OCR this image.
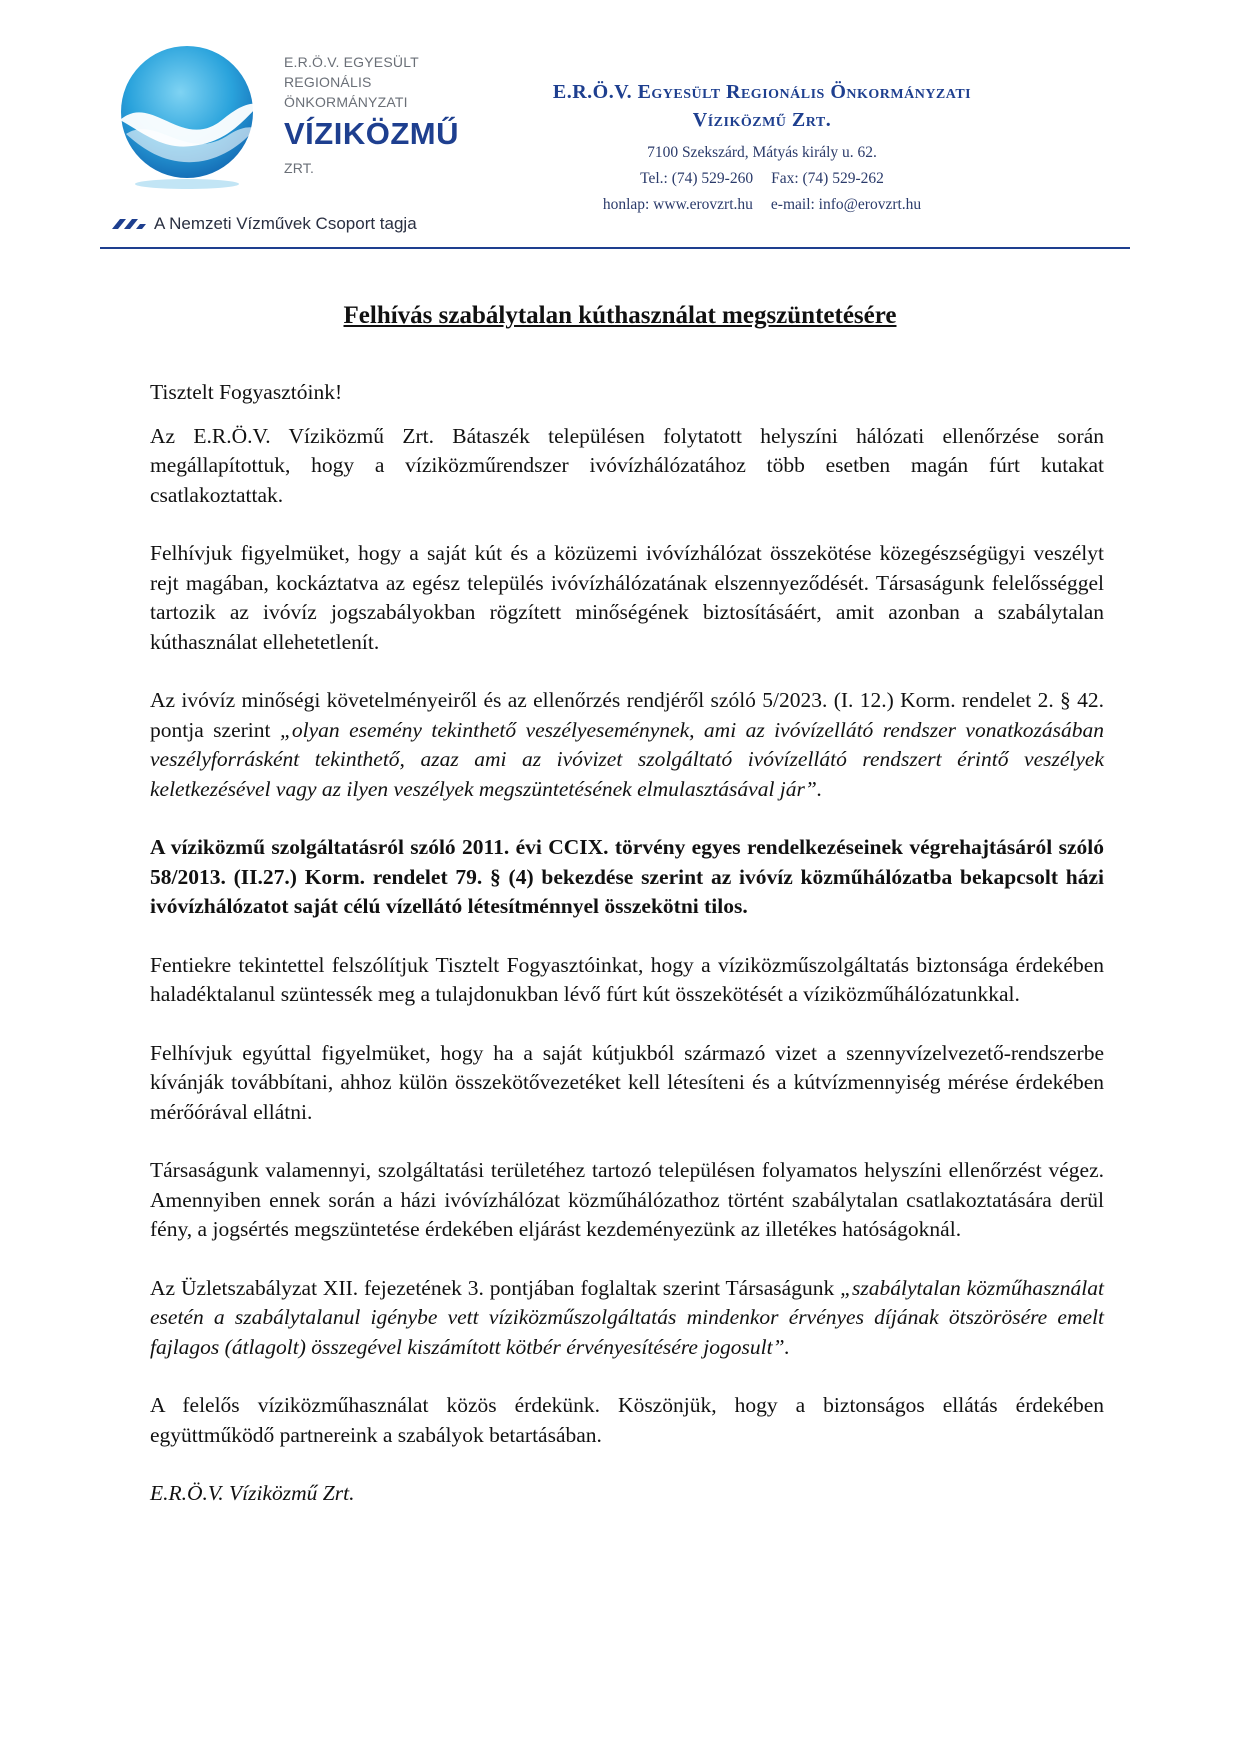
E.R.Ö.V. EGYESÜLT
REGIONÁLIS
ÖNKORMÁNYZATI
VÍZIKÖZMŰ
ZRT.
A Nemzeti Vízművek Csoport tagja
E.R.Ö.V. Egyesült Regionális Önkormányzati
Víziközmű Zrt.
7100 Szekszárd, Mátyás király u. 62.
Tel.: (74) 529-260 Fax: (74) 529-262
honlap: www.erovzrt.hu e-mail: info@erovzrt.hu
Felhívás szabálytalan kúthasználat megszüntetésére

Tisztelt Fogyasztóink!

Az E.R.Ö.V. Víziközmű Zrt. Bátaszék településen folytatott helyszíni hálózati ellenőrzése során megállapítottuk, hogy a víziközműrendszer ivóvízhálózatához több esetben magán fúrt kutakat csatlakoztattak.

Felhívjuk figyelmüket, hogy a saját kút és a közüzemi ivóvízhálózat összekötése közegészségügyi veszélyt rejt magában, kockáztatva az egész település ivóvízhálózatának elszennyeződését. Társaságunk felelősséggel tartozik az ivóvíz jogszabályokban rögzített minőségének biztosításáért, amit azonban a szabálytalan kúthasználat ellehetetlenít.

Az ivóvíz minőségi követelményeiről és az ellenőrzés rendjéről szóló 5/2023. (I. 12.) Korm. rendelet 2. § 42. pontja szerint „olyan esemény tekinthető veszélyeseménynek, ami az ivóvízellátó rendszer vonatkozásában veszélyforrásként tekinthető, azaz ami az ivóvizet szolgáltató ivóvízellátó rendszert érintő veszélyek keletkezésével vagy az ilyen veszélyek megszüntetésének elmulasztásával jár”.

A víziközmű szolgáltatásról szóló 2011. évi CCIX. törvény egyes rendelkezéseinek végrehajtásáról szóló 58/2013. (II.27.) Korm. rendelet 79. § (4) bekezdése szerint az ivóvíz közműhálózatba bekapcsolt házi ivóvízhálózatot saját célú vízellátó létesítménnyel összekötni tilos.

Fentiekre tekintettel felszólítjuk Tisztelt Fogyasztóinkat, hogy a víziközműszolgáltatás biztonsága érdekében haladéktalanul szüntessék meg a tulajdonukban lévő fúrt kút összekötését a víziközműhálózatunkkal.

Felhívjuk egyúttal figyelmüket, hogy ha a saját kútjukból származó vizet a szennyvízelvezető-rendszerbe kívánják továbbítani, ahhoz külön összekötővezetéket kell létesíteni és a kútvízmennyiség mérése érdekében mérőórával ellátni.

Társaságunk valamennyi, szolgáltatási területéhez tartozó településen folyamatos helyszíni ellenőrzést végez. Amennyiben ennek során a házi ivóvízhálózat közműhálózathoz történt szabálytalan csatlakoztatására derül fény, a jogsértés megszüntetése érdekében eljárást kezdeményezünk az illetékes hatóságoknál.

Az Üzletszabályzat XII. fejezetének 3. pontjában foglaltak szerint Társaságunk „szabálytalan közműhasználat esetén a szabálytalanul igénybe vett víziközműszolgáltatás mindenkor érvényes díjának ötszörösére emelt fajlagos (átlagolt) összegével kiszámított kötbér érvényesítésére jogosult”.

A felelős víziközműhasználat közös érdekünk. Köszönjük, hogy a biztonságos ellátás érdekében együttműködő partnereink a szabályok betartásában.

E.R.Ö.V. Víziközmű Zrt.
